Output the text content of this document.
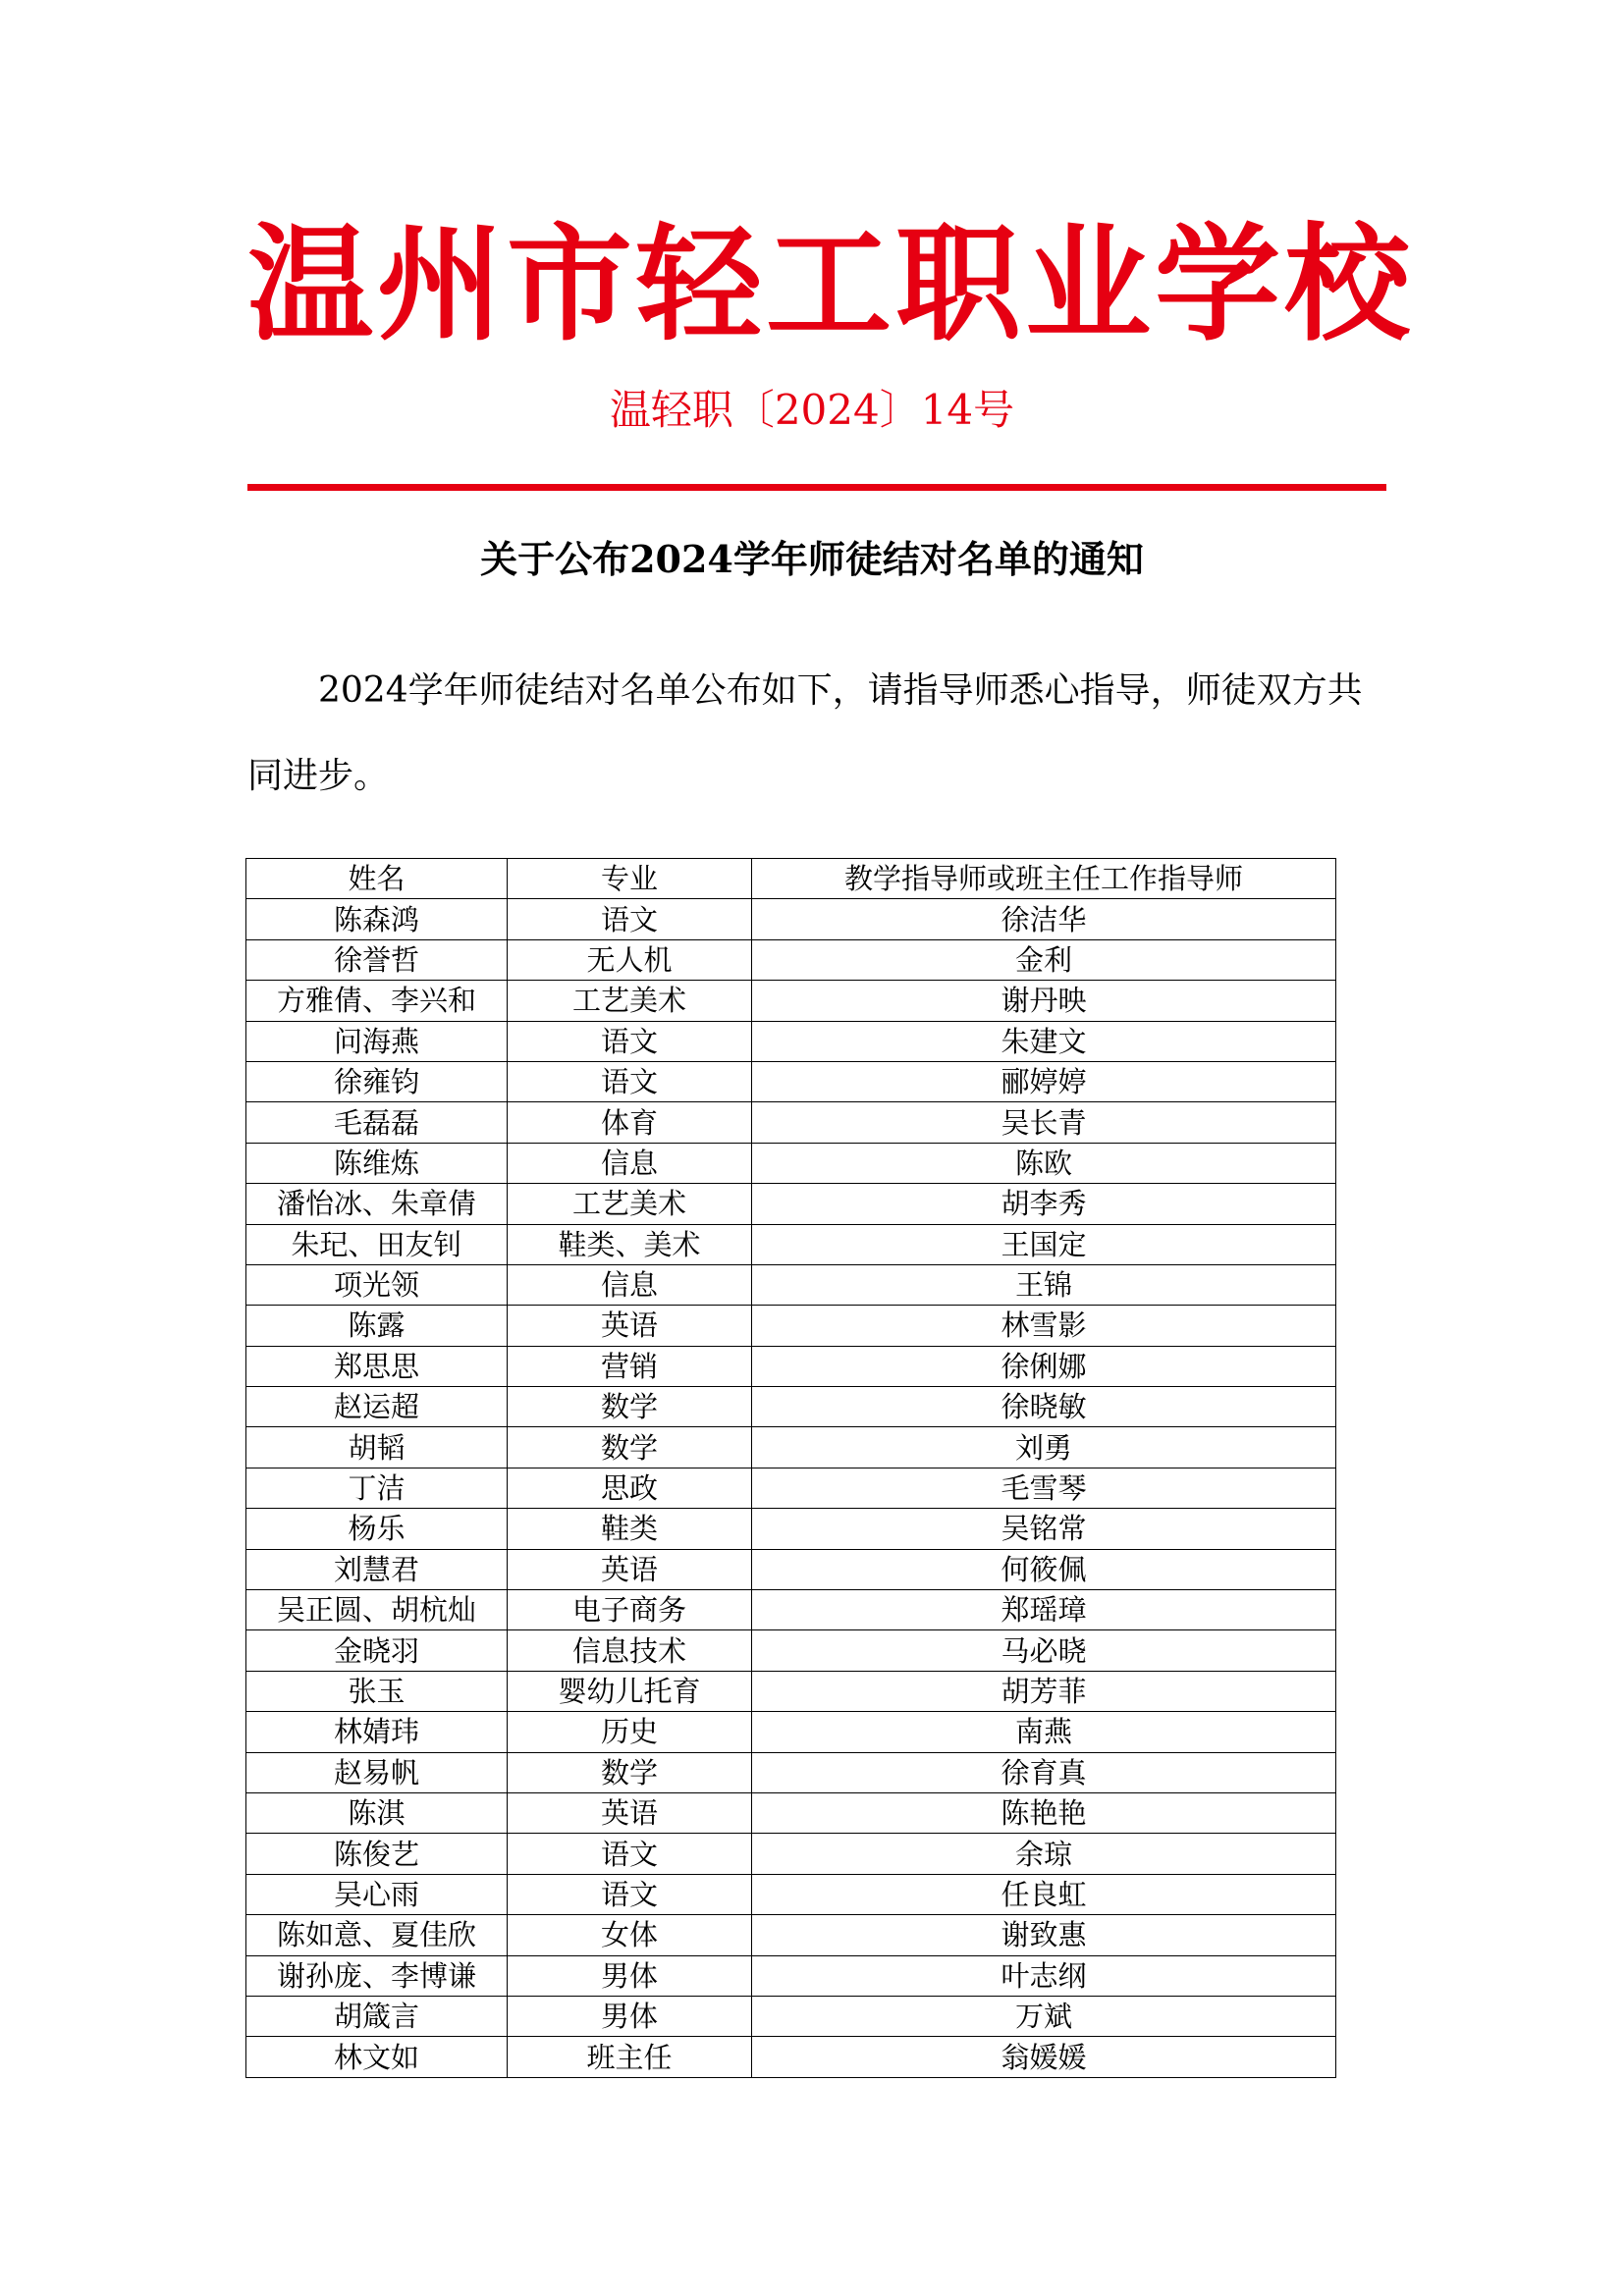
温州市轻工职业学校
温轻职〔2024〕14号
关于公布2024学年师徒结对名单的通知

2024学年师徒结对名单公布如下，请指导师悉心指导，师徒双方共同进步。

姓名	专业	教学指导师或班主任工作指导师
陈森鸿	语文	徐洁华
徐誉哲	无人机	金利
方雅倩、李兴和	工艺美术	谢丹映
问海燕	语文	朱建文
徐雍钧	语文	郦婷婷
毛磊磊	体育	吴长青
陈维炼	信息	陈欧
潘怡冰、朱章倩	工艺美术	胡李秀
朱玘、田友钊	鞋类、美术	王国定
项光领	信息	王锦
陈露	英语	林雪影
郑思思	营销	徐俐娜
赵运超	数学	徐晓敏
胡韬	数学	刘勇
丁洁	思政	毛雪琴
杨乐	鞋类	吴铭常
刘慧君	英语	何筱佩
吴正圆、胡杭灿	电子商务	郑瑶璋
金晓羽	信息技术	马必晓
张玉	婴幼儿托育	胡芳菲
林婧玮	历史	南燕
赵易帆	数学	徐育真
陈淇	英语	陈艳艳
陈俊艺	语文	余琼
吴心雨	语文	任良虹
陈如意、夏佳欣	女体	谢致惠
谢孙庞、李博谦	男体	叶志纲
胡箴言	男体	万斌
林文如	班主任	翁媛媛
